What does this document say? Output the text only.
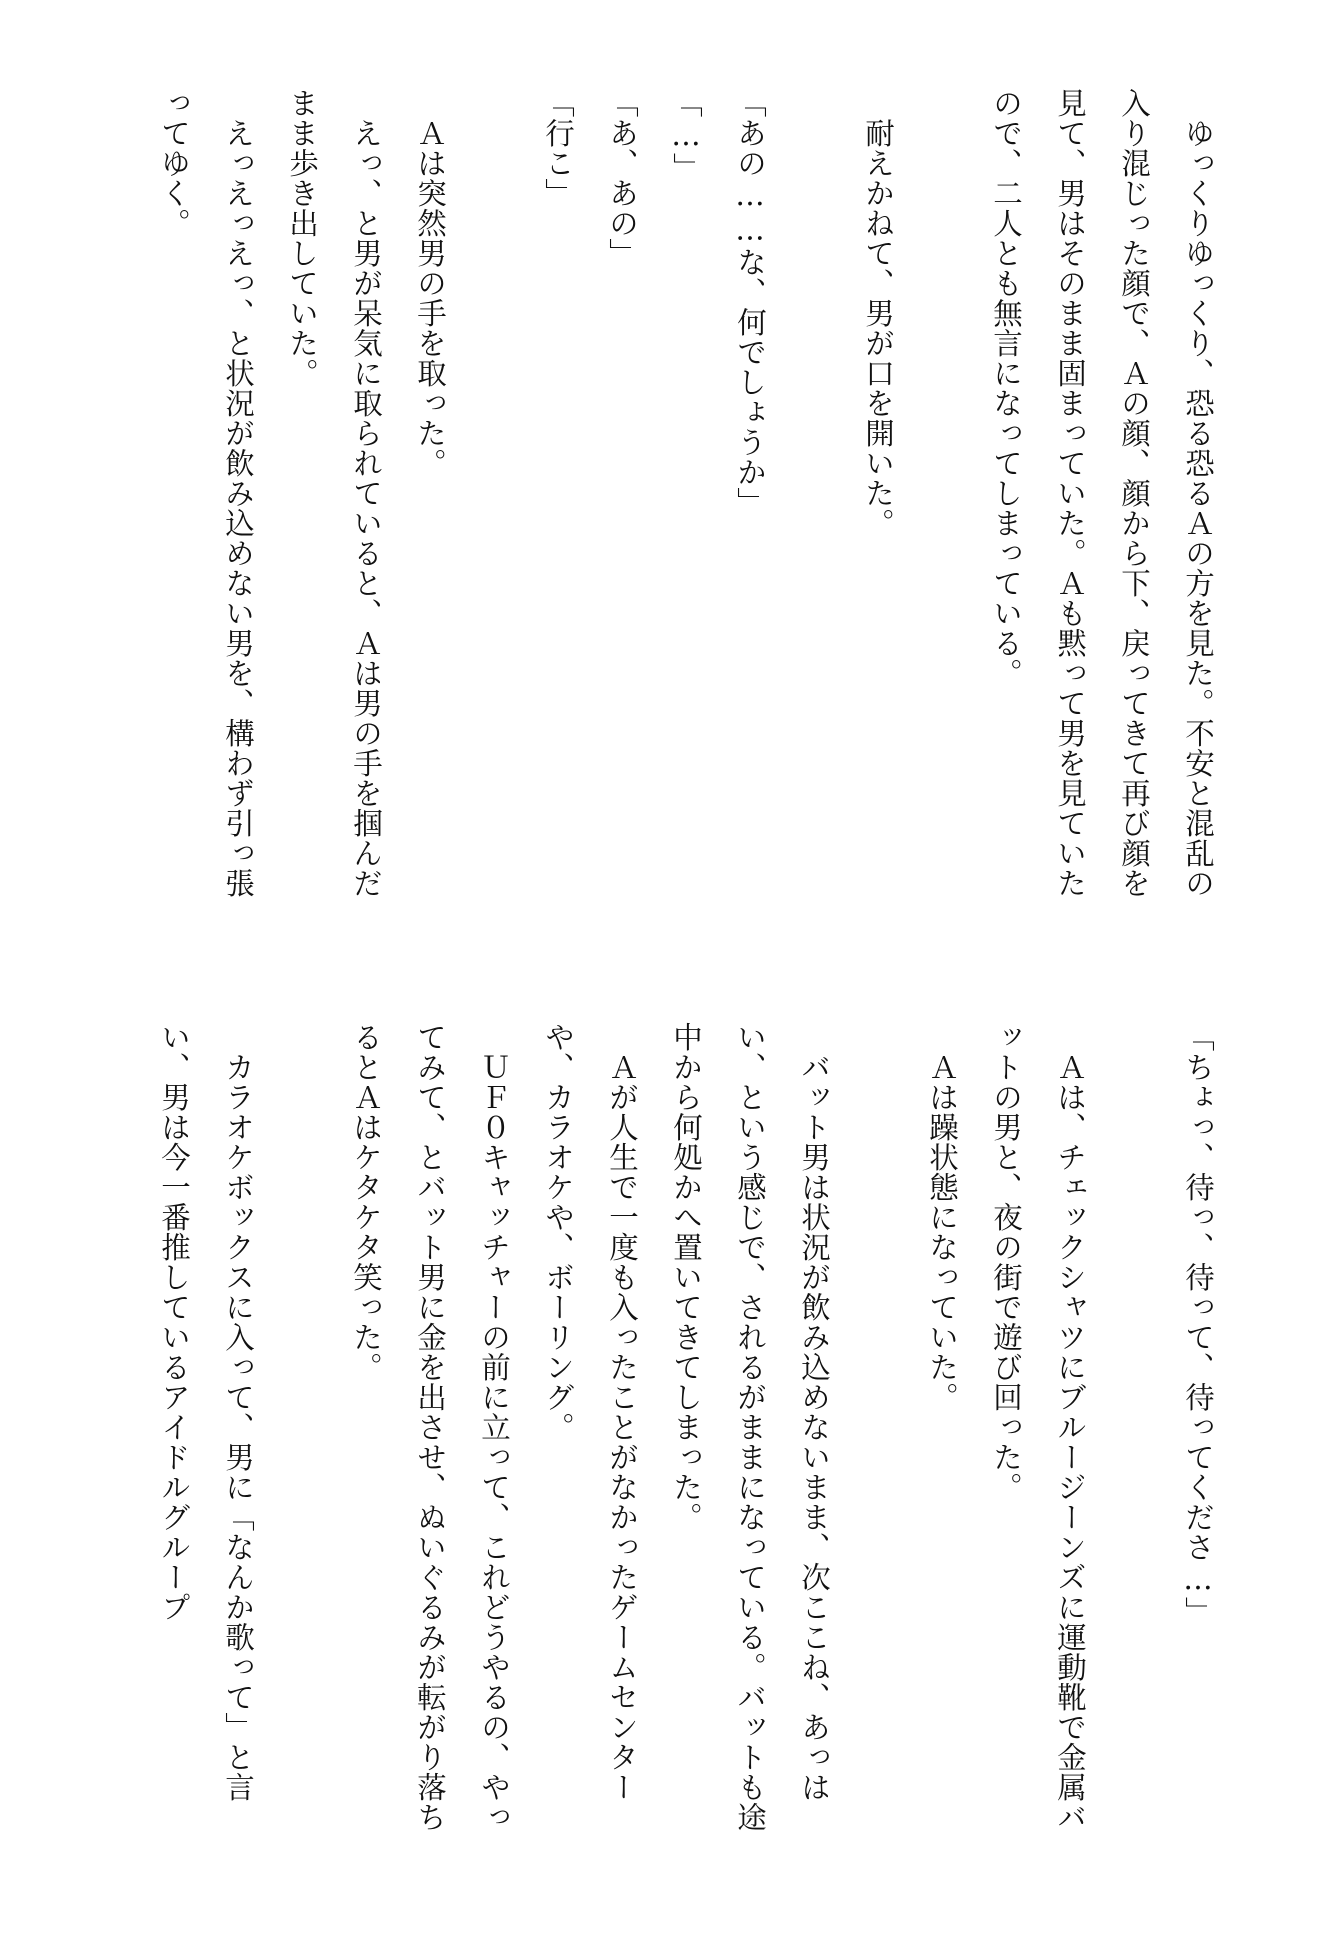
ゆっくりゆっくり、恐る恐るＡの方を見た。不安と混乱の入り混じった顔で、Ａの顔、顔から下、戻ってきて再び顔を見て、男はそのまま固まっていた。Ａも黙って男を見ていたので、二人とも無言になってしまっている。

耐えかねて、男が口を開いた。

「あの……な、何でしょうか」

「…」

「あ、あの」

「行こ」

Ａは突然男の手を取った。

えっ、と男が呆気に取られていると、Ａは男の手を掴んだまま歩き出していた。

えっえっえっ、と状況が飲み込めない男を、構わず引っ張ってゆく。

「ちょっ、待っ、待って、待ってくださ…」

Ａは、チェックシャツにブルージーンズに運動靴で金属バットの男と、夜の街で遊び回った。

Ａは躁状態になっていた。

バット男は状況が飲み込めないまま、次ここね、あっはい、という感じで、されるがままになっている。バットも途中から何処かへ置いてきてしまった。

Ａが人生で一度も入ったことがなかったゲームセンターや、カラオケや、ボーリング。

ＵＦ０キャッチャーの前に立って、これどうやるの、やってみて、とバット男に金を出させ、ぬいぐるみが転がり落ちるとＡはケタケタ笑った。

カラオケボックスに入って、男に「なんか歌って」と言い、男は今一番推しているアイドルグループ
